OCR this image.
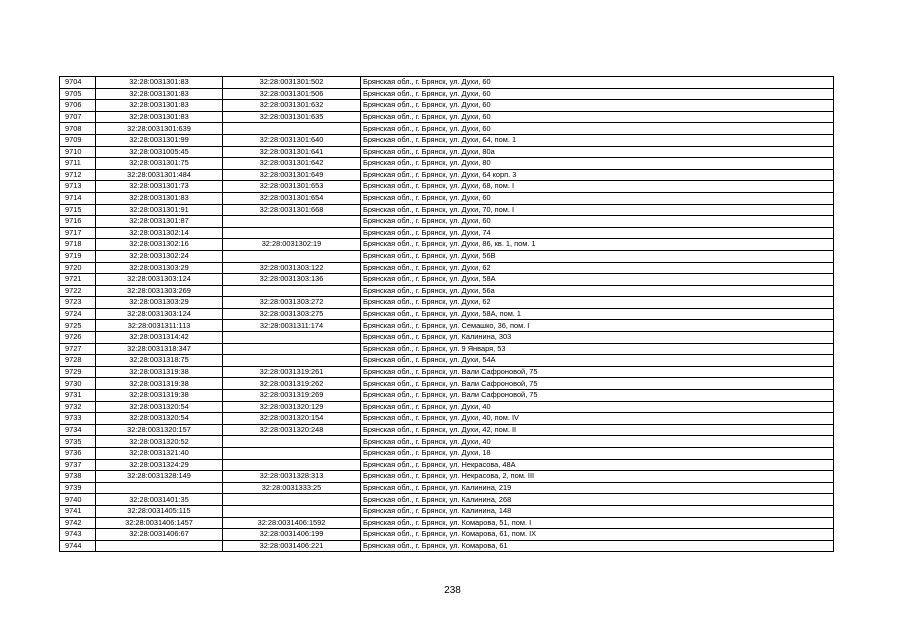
9704	32:28:0031301:83	32:28:0031301:502	Брянская обл., г. Брянск, ул. Духи, 60
9705	32:28:0031301:83	32:28:0031301:506	Брянская обл., г. Брянск, ул. Духи, 60
9706	32:28:0031301:83	32:28:0031301:632	Брянская обл., г. Брянск, ул. Духи, 60
9707	32:28:0031301:83	32:28:0031301:635	Брянская обл., г. Брянск, ул. Духи, 60
9708	32:28:0031301:639		Брянская обл., г. Брянск, ул. Духи, 60
9709	32:28:0031301:99	32:28:0031301:640	Брянская обл., г. Брянск, ул. Духи, 64, пом. 1
9710	32:28:0031005:45	32:28:0031301:641	Брянская обл., г. Брянск, ул. Духи, 80а
9711	32:28:0031301:75	32:28:0031301:642	Брянская обл., г. Брянск, ул. Духи, 80
9712	32:28:0031301:484	32:28:0031301:649	Брянская обл., г. Брянск, ул. Духи, 64 корп. 3
9713	32:28:0031301:73	32:28:0031301:653	Брянская обл., г. Брянск, ул. Духи, 68, пом. I
9714	32:28:0031301:83	32:28:0031301:654	Брянская обл., г. Брянск, ул. Духи, 60
9715	32:28:0031301:91	32:28:0031301:668	Брянская обл., г. Брянск, ул. Духи, 70, пом. I
9716	32:28:0031301:87		Брянская обл., г. Брянск, ул. Духи, 60
9717	32:28:0031302:14		Брянская обл., г. Брянск, ул. Духи, 74
9718	32:28:0031302:16	32:28:0031302:19	Брянская обл., г. Брянск, ул. Духи, 86, кв. 1, пом. 1
9719	32:28:0031302:24		Брянская обл., г. Брянск, ул. Духи, 56В
9720	32:28:0031303:29	32:28:0031303:122	Брянская обл., г. Брянск, ул. Духи, 62
9721	32:28:0031303:124	32:28:0031303:136	Брянская обл., г. Брянск, ул. Духи, 58А
9722	32:28:0031303:269		Брянская обл., г. Брянск, ул. Духи, 56а
9723	32:28:0031303:29	32:28:0031303:272	Брянская обл., г. Брянск, ул. Духи, 62
9724	32:28:0031303:124	32:28:0031303:275	Брянская обл., г. Брянск, ул. Духи, 58А, пом. 1
9725	32:28:0031311:113	32:28:0031311:174	Брянская обл., г. Брянск, ул. Семашко, 36, пом. I
9726	32:28:0031314:42		Брянская обл., г. Брянск, ул. Калинина, 303
9727	32:28:0031318:347		Брянская обл., г. Брянск, ул. 9 Января, 53
9728	32:28:0031318:75		Брянская обл., г. Брянск, ул. Духи, 54А
9729	32:28:0031319:38	32:28:0031319:261	Брянская обл., г. Брянск, ул. Вали Сафроновой, 75
9730	32:28:0031319:38	32:28:0031319:262	Брянская обл., г. Брянск, ул. Вали Сафроновой, 75
9731	32:28:0031319:38	32:28:0031319:269	Брянская обл., г. Брянск, ул. Вали Сафроновой, 75
9732	32:28:0031320:54	32:28:0031320:129	Брянская обл., г. Брянск, ул. Духи, 40
9733	32:28:0031320:54	32:28:0031320:154	Брянская обл., г. Брянск, ул. Духи, 40, пом. IV
9734	32:28:0031320:157	32:28:0031320:248	Брянская обл., г. Брянск, ул. Духи, 42, пом. II
9735	32:28:0031320:52		Брянская обл., г. Брянск, ул. Духи, 40
9736	32:28:0031321:40		Брянская обл., г. Брянск, ул. Духи, 18
9737	32:28:0031324:29		Брянская обл., г. Брянск, ул. Некрасова, 48А
9738	32:28:0031328:149	32:28:0031328:313	Брянская обл., г. Брянск, ул. Некрасова, 2, пом. III
9739		32:28:0031333:25	Брянская обл., г. Брянск, ул. Калинина, 219
9740	32:28:0031401:35		Брянская обл., г. Брянск, ул. Калинина, 268
9741	32:28:0031405:115		Брянская обл., г. Брянск, ул. Калинина, 148
9742	32:28:0031406:1457	32:28:0031406:1592	Брянская обл., г. Брянск, ул. Комарова, 51, пом. I
9743	32:28:0031406:67	32:28:0031406:199	Брянская обл., г. Брянск, ул. Комарова, 61, пом. IX
9744		32:28:0031406:221	Брянская обл., г. Брянск, ул. Комарова, 61
238
